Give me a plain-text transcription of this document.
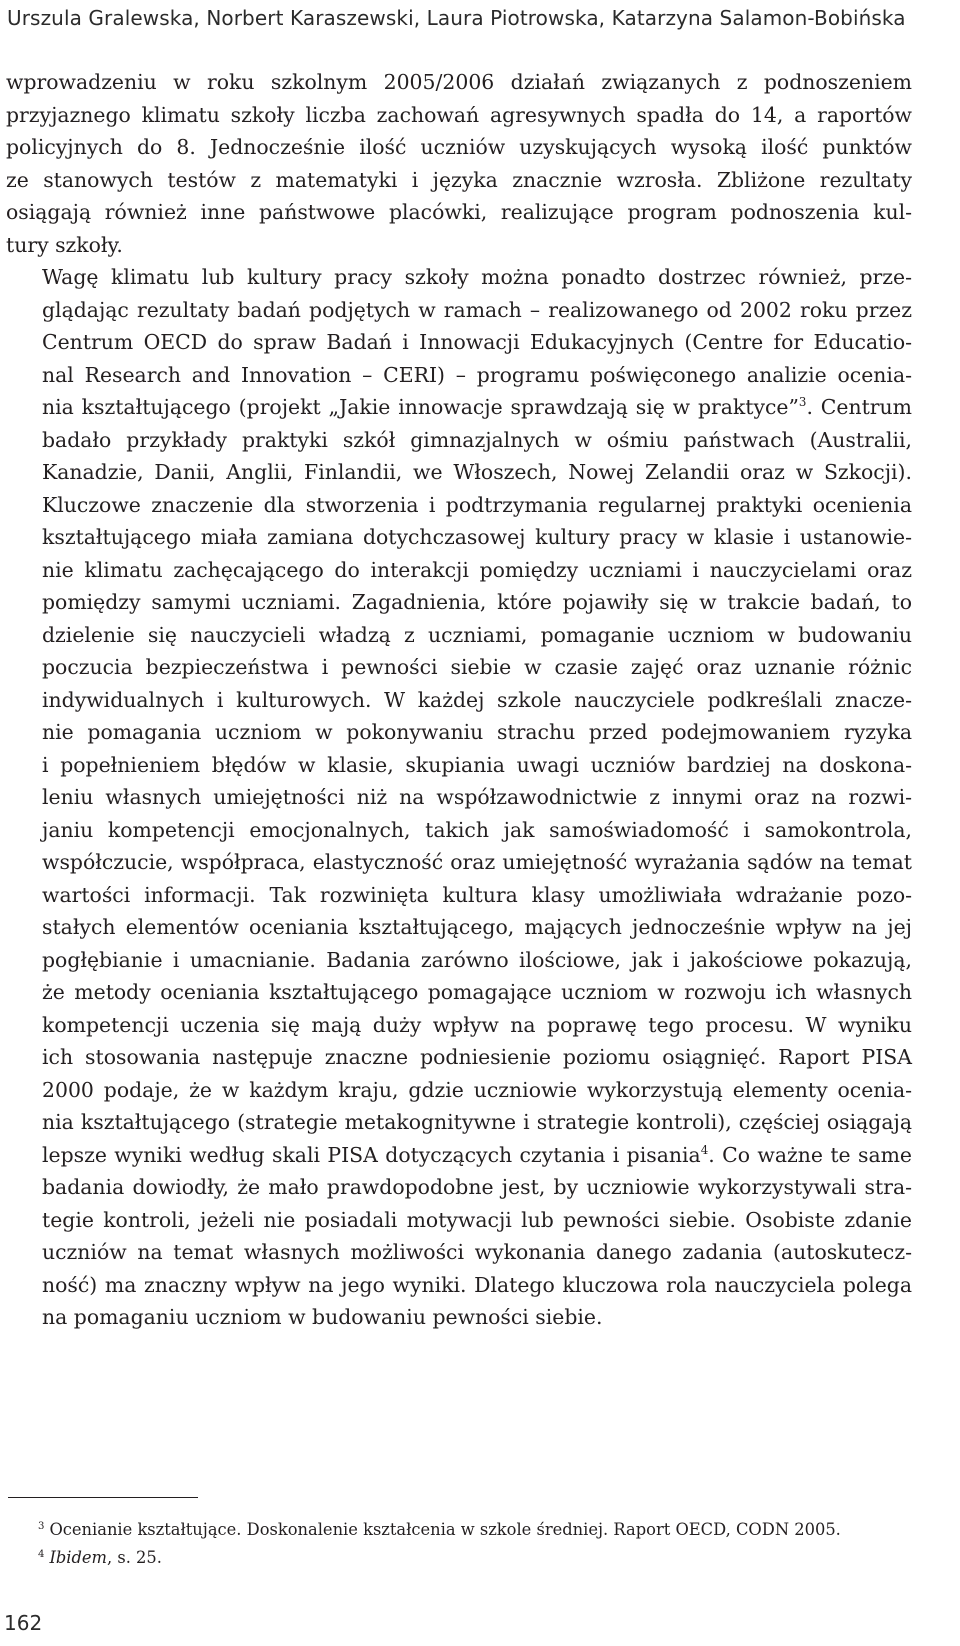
Urszula Gralewska, Norbert Karaszewski, Laura Piotrowska, Katarzyna Salamon-Bobińska

wprowadzeniu w roku szkolnym 2005/2006 działań związanych z podnoszeniem
przyjaznego klimatu szkoły liczba zachowań agresywnych spadła do 14, a raportów
policyjnych do 8. Jednocześnie ilość uczniów uzyskujących wysoką ilość punktów
ze stanowych testów z matematyki i języka znacznie wzrosła. Zbliżone rezultaty
osiągają również inne państwowe placówki, realizujące program podnoszenia kul-
tury szkoły.

Wagę klimatu lub kultury pracy szkoły można ponadto dostrzec również, prze-
glądając rezultaty badań podjętych w ramach – realizowanego od 2002 roku przez
Centrum OECD do spraw Badań i Innowacji Edukacyjnych (Centre for Educatio-
nal Research and Innovation – CERI) – programu poświęconego analizie ocenia-
nia kształtującego (projekt „Jakie innowacje sprawdzają się w praktyce”$^3$. Centrum
badało przykłady praktyki szkół gimnazjalnych w ośmiu państwach (Australii,
Kanadzie, Danii, Anglii, Finlandii, we Włoszech, Nowej Zelandii oraz w Szkocji).
Kluczowe znaczenie dla stworzenia i podtrzymania regularnej praktyki ocenienia
kształtującego miała zamiana dotychczasowej kultury pracy w klasie i ustanowie-
nie klimatu zachęcającego do interakcji pomiędzy uczniami i nauczycielami oraz
pomiędzy samymi uczniami. Zagadnienia, które pojawiły się w trakcie badań, to
dzielenie się nauczycieli władzą z uczniami, pomaganie uczniom w budowaniu
poczucia bezpieczeństwa i pewności siebie w czasie zajęć oraz uznanie różnic
indywidualnych i kulturowych. W każdej szkole nauczyciele podkreślali znacze-
nie pomagania uczniom w pokonywaniu strachu przed podejmowaniem ryzyka
i popełnieniem błędów w klasie, skupiania uwagi uczniów bardziej na doskona-
leniu własnych umiejętności niż na współzawodnictwie z innymi oraz na rozwi-
janiu kompetencji emocjonalnych, takich jak samoświadomość i samokontrola,
współczucie, współpraca, elastyczność oraz umiejętność wyrażania sądów na temat
wartości informacji. Tak rozwinięta kultura klasy umożliwiała wdrażanie pozo-
stałych elementów oceniania kształtującego, mających jednocześnie wpływ na jej
pogłębianie i umacnianie. Badania zarówno ilościowe, jak i jakościowe pokazują,
że metody oceniania kształtującego pomagające uczniom w rozwoju ich własnych
kompetencji uczenia się mają duży wpływ na poprawę tego procesu. W wyniku
ich stosowania następuje znaczne podniesienie poziomu osiągnięć. Raport PISA
2000 podaje, że w każdym kraju, gdzie uczniowie wykorzystują elementy ocenia-
nia kształtującego (strategie metakognitywne i strategie kontroli), częściej osiągają
lepsze wyniki według skali PISA dotyczących czytania i pisania$^4$. Co ważne te same
badania dowiodły, że mało prawdopodobne jest, by uczniowie wykorzystywali stra-
tegie kontroli, jeżeli nie posiadali motywacji lub pewności siebie. Osobiste zdanie
uczniów na temat własnych możliwości wykonania danego zadania (autoskutecz-
ność) ma znaczny wpływ na jego wyniki. Dlatego kluczowa rola nauczyciela polega
na pomaganiu uczniom w budowaniu pewności siebie.

$^3$ Ocenianie kształtujące. Doskonalenie kształcenia w szkole średniej. Raport OECD, CODN 2005.
$^4$ Ibidem, s. 25.
162
